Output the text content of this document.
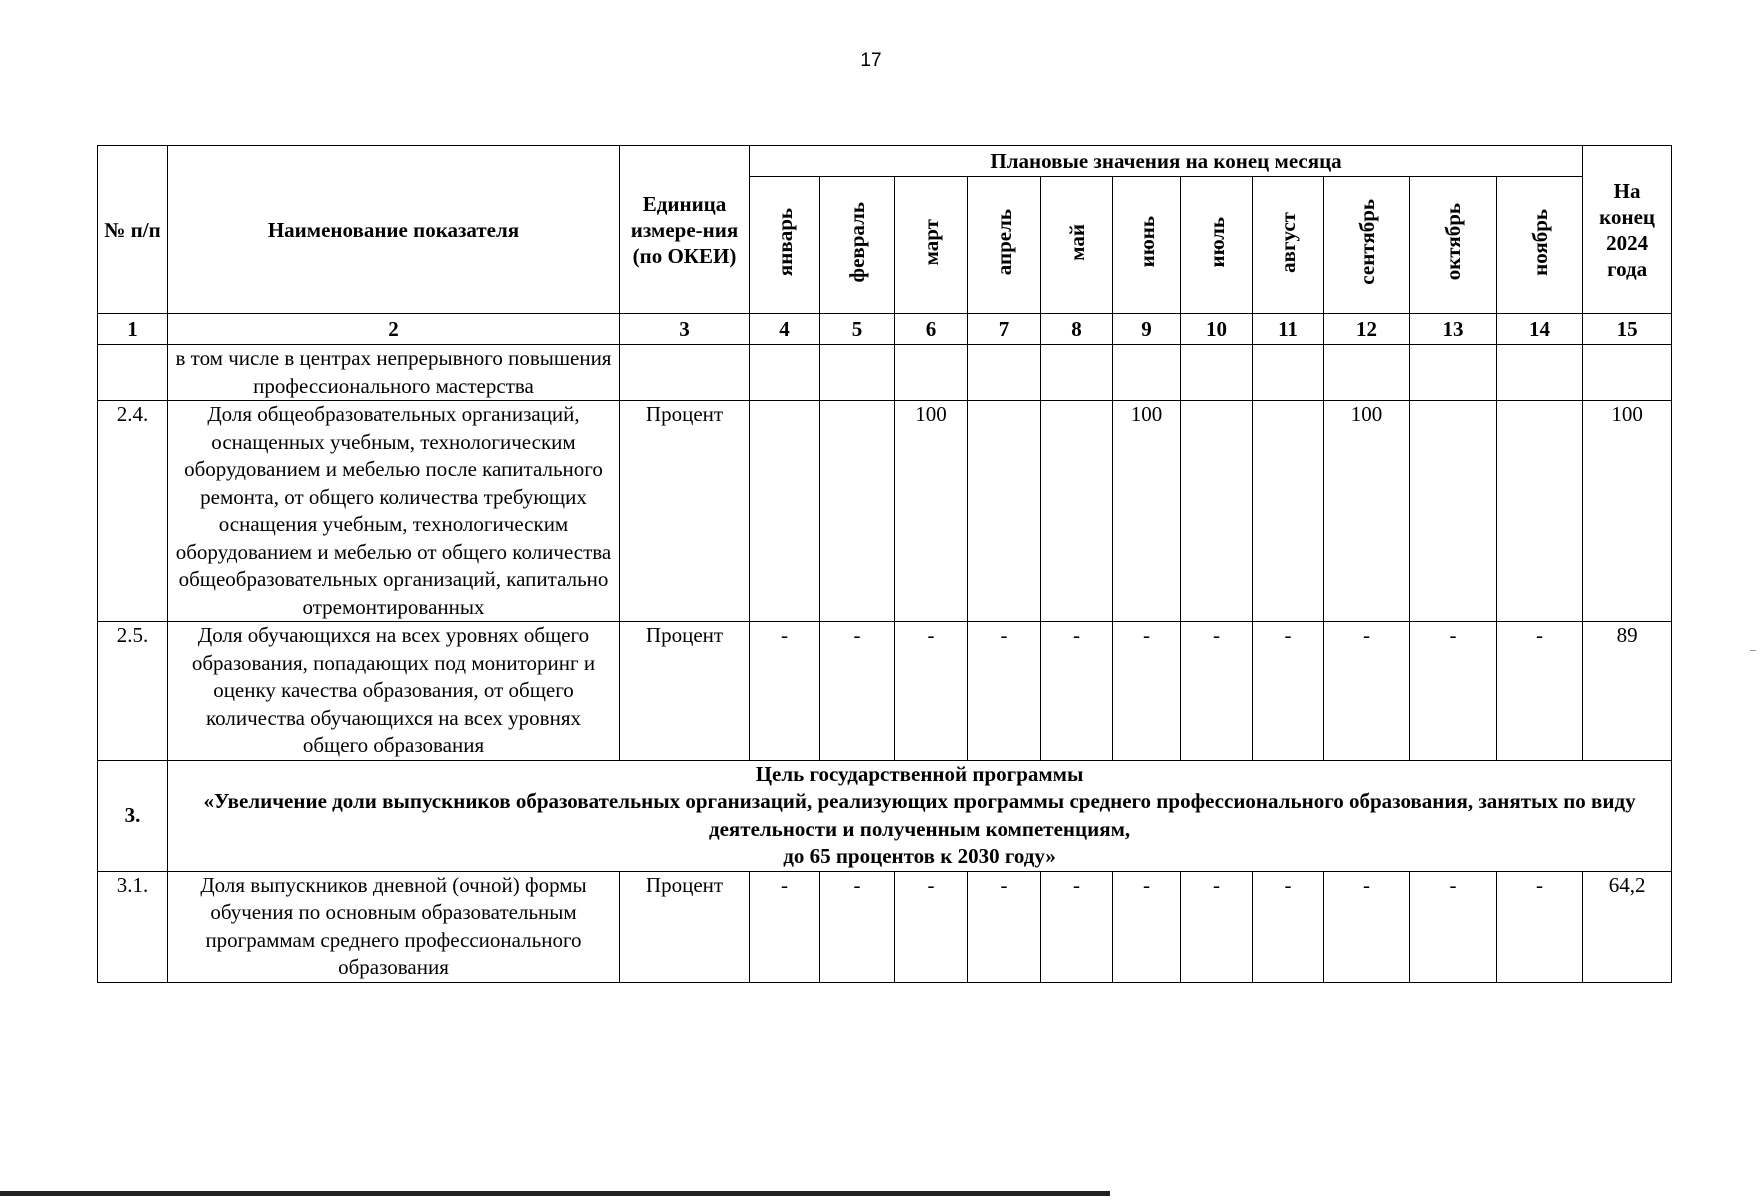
17
№ п/п	Наименование показателя	Единица измере-ния (по ОКЕИ)	Плановые значения на конец месяца											На конец 2024 года
			январь	февраль	март	апрель	май	июнь	июль	август	сентябрь	октябрь	ноябрь	
1	2	3	4	5	6	7	8	9	10	11	12	13	14	15
	в том числе в центрах непрерывного повышения профессионального мастерства													
2.4.	Доля общеобразовательных организаций, оснащенных учебным, технологическим оборудованием и мебелью после капитального ремонта, от общего количества требующих оснащения учебным, технологическим оборудованием и мебелью от общего количества общеобразовательных организаций, капитально отремонтированных	Процент			100			100			100			100
2.5.	Доля обучающихся на всех уровнях общего образования, попадающих под мониторинг и оценку качества образования, от общего количества обучающихся на всех уровнях общего образования	Процент	-	-	-	-	-	-	-	-	-	-	-	89
3.	Цель государственной программы
«Увеличение доли выпускников образовательных организаций, реализующих программы среднего профессионального образования, занятых по виду деятельности и полученным компетенциям,
до 65 процентов к 2030 году»													

3.1.	Доля выпускников дневной (очной) формы обучения по основным образовательным программам среднего профессионального образования	Процент	-	-	-	-	-	-	-	-	-	-	-	64,2
